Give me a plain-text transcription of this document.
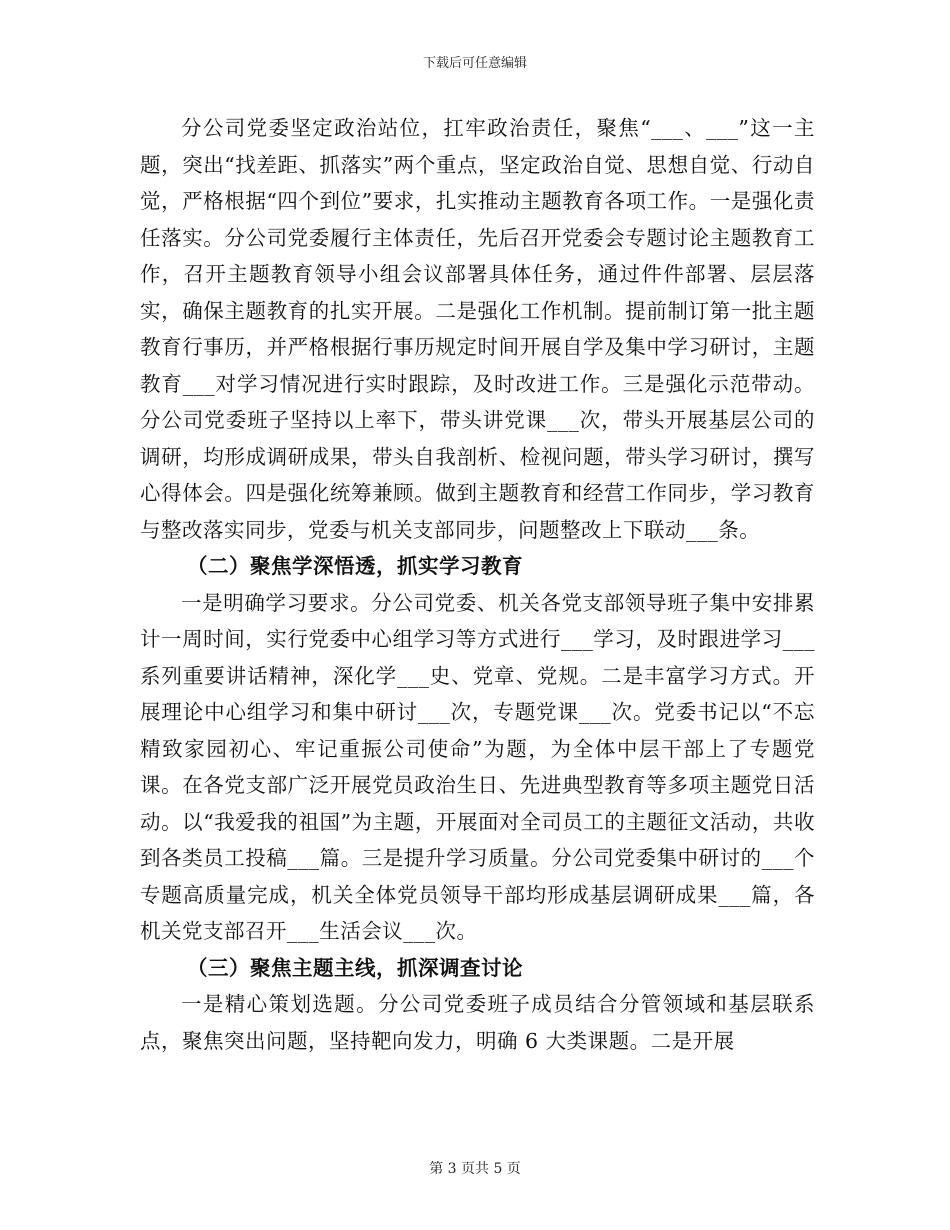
下载后可任意编辑

分公司党委坚定政治站位，扛牢政治责任，聚焦“___、___”这一主题，突出“找差距、抓落实”两个重点，坚定政治自觉、思想自觉、行动自觉，严格根据“四个到位”要求，扎实推动主题教育各项工作。一是强化责任落实。分公司党委履行主体责任，先后召开党委会专题讨论主题教育工作，召开主题教育领导小组会议部署具体任务，通过件件部署、层层落实，确保主题教育的扎实开展。二是强化工作机制。提前制订第一批主题教育行事历，并严格根据行事历规定时间开展自学及集中学习研讨，主题教育___对学习情况进行实时跟踪，及时改进工作。三是强化示范带动。分公司党委班子坚持以上率下，带头讲党课___次，带头开展基层公司的调研，均形成调研成果，带头自我剖析、检视问题，带头学习研讨，撰写心得体会。四是强化统筹兼顾。做到主题教育和经营工作同步，学习教育与整改落实同步，党委与机关支部同步，问题整改上下联动___条。

（二）聚焦学深悟透，抓实学习教育

一是明确学习要求。分公司党委、机关各党支部领导班子集中安排累计一周时间，实行党委中心组学习等方式进行___学习，及时跟进学习___系列重要讲话精神，深化学___史、党章、党规。二是丰富学习方式。开展理论中心组学习和集中研讨___次，专题党课___次。党委书记以“不忘精致家园初心、牢记重振公司使命”为题，为全体中层干部上了专题党课。在各党支部广泛开展党员政治生日、先进典型教育等多项主题党日活动。以“我爱我的祖国”为主题，开展面对全司员工的主题征文活动，共收到各类员工投稿___篇。三是提升学习质量。分公司党委集中研讨的___个专题高质量完成，机关全体党员领导干部均形成基层调研成果___篇，各机关党支部召开___生活会议___次。

（三）聚焦主题主线，抓深调查讨论

一是精心策划选题。分公司党委班子成员结合分管领域和基层联系点，聚焦突出问题，坚持靶向发力，明确 6 大类课题。二是开展

第 3 页共 5 页
